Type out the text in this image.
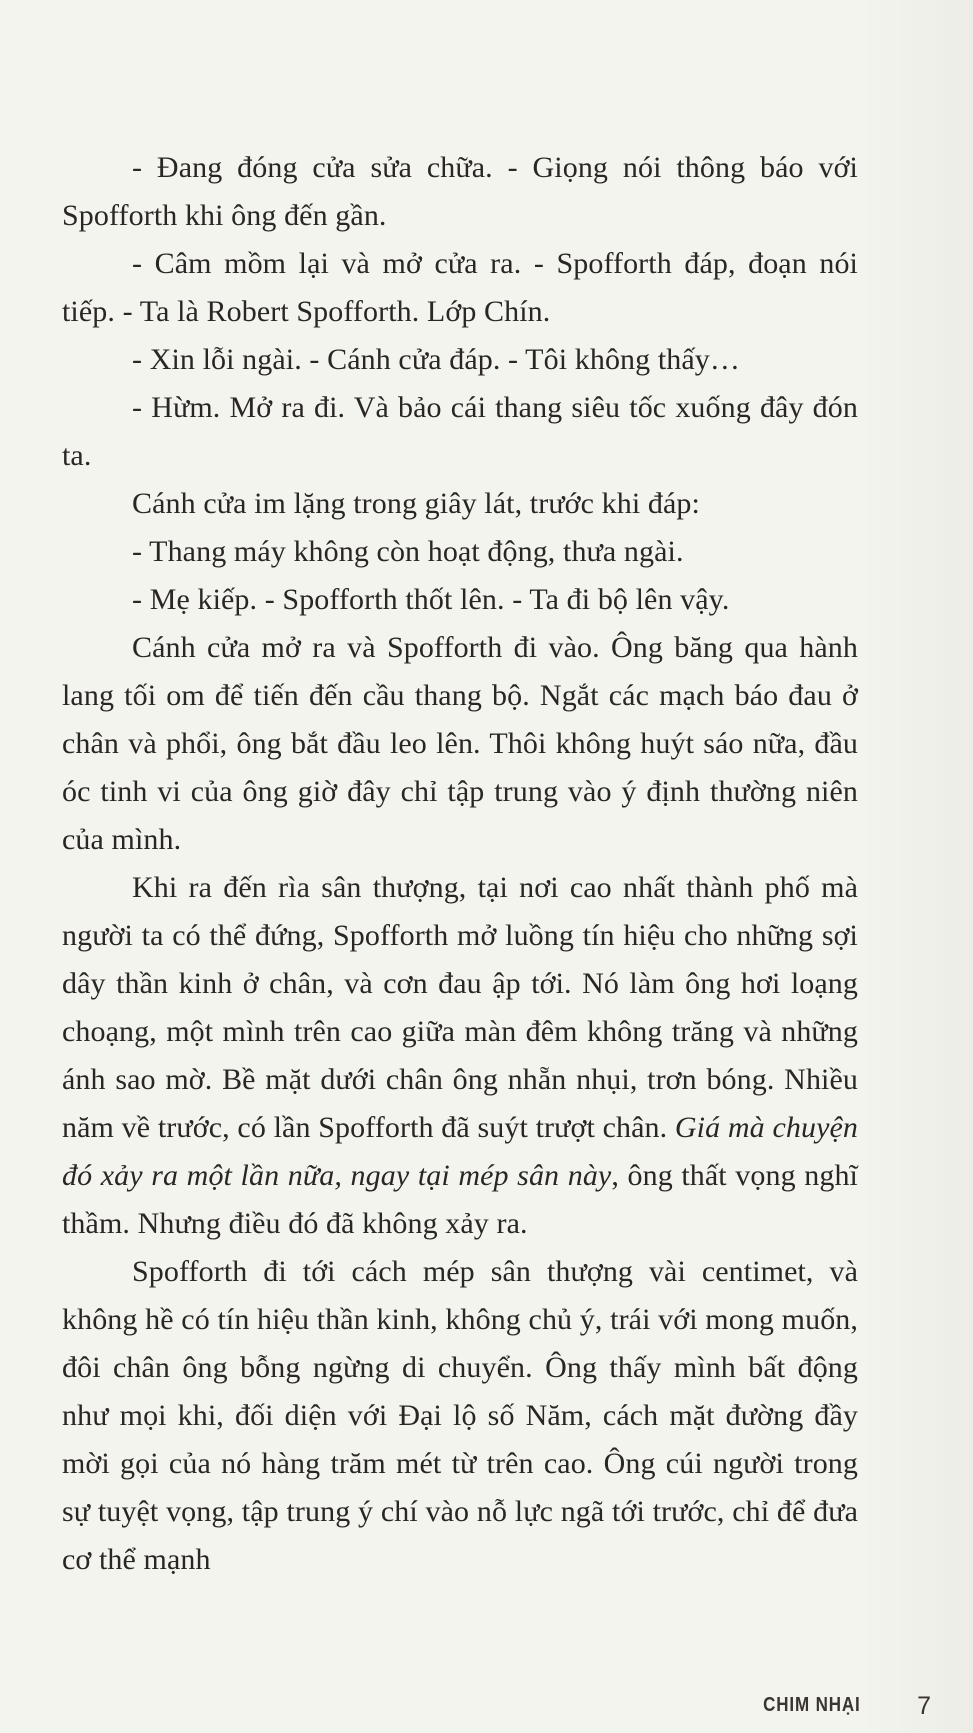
- Đang đóng cửa sửa chữa. - Giọng nói thông báo với Spofforth khi ông đến gần.

- Câm mồm lại và mở cửa ra. - Spofforth đáp, đoạn nói tiếp. - Ta là Robert Spofforth. Lớp Chín.

- Xin lỗi ngài. - Cánh cửa đáp. - Tôi không thấy…

- Hừm. Mở ra đi. Và bảo cái thang siêu tốc xuống đây đón ta.

Cánh cửa im lặng trong giây lát, trước khi đáp:

- Thang máy không còn hoạt động, thưa ngài.

- Mẹ kiếp. - Spofforth thốt lên. - Ta đi bộ lên vậy.

Cánh cửa mở ra và Spofforth đi vào. Ông băng qua hành lang tối om để tiến đến cầu thang bộ. Ngắt các mạch báo đau ở chân và phổi, ông bắt đầu leo lên. Thôi không huýt sáo nữa, đầu óc tinh vi của ông giờ đây chỉ tập trung vào ý định thường niên của mình.

Khi ra đến rìa sân thượng, tại nơi cao nhất thành phố mà người ta có thể đứng, Spofforth mở luồng tín hiệu cho những sợi dây thần kinh ở chân, và cơn đau ập tới. Nó làm ông hơi loạng choạng, một mình trên cao giữa màn đêm không trăng và những ánh sao mờ. Bề mặt dưới chân ông nhẵn nhụi, trơn bóng. Nhiều năm về trước, có lần Spofforth đã suýt trượt chân. Giá mà chuyện đó xảy ra một lần nữa, ngay tại mép sân này, ông thất vọng nghĩ thầm. Nhưng điều đó đã không xảy ra.

Spofforth đi tới cách mép sân thượng vài centimet, và không hề có tín hiệu thần kinh, không chủ ý, trái với mong muốn, đôi chân ông bỗng ngừng di chuyển. Ông thấy mình bất động như mọi khi, đối diện với Đại lộ số Năm, cách mặt đường đầy mời gọi của nó hàng trăm mét từ trên cao. Ông cúi người trong sự tuyệt vọng, tập trung ý chí vào nỗ lực ngã tới trước, chỉ để đưa cơ thể mạnh

CHIM NHẠI 7
